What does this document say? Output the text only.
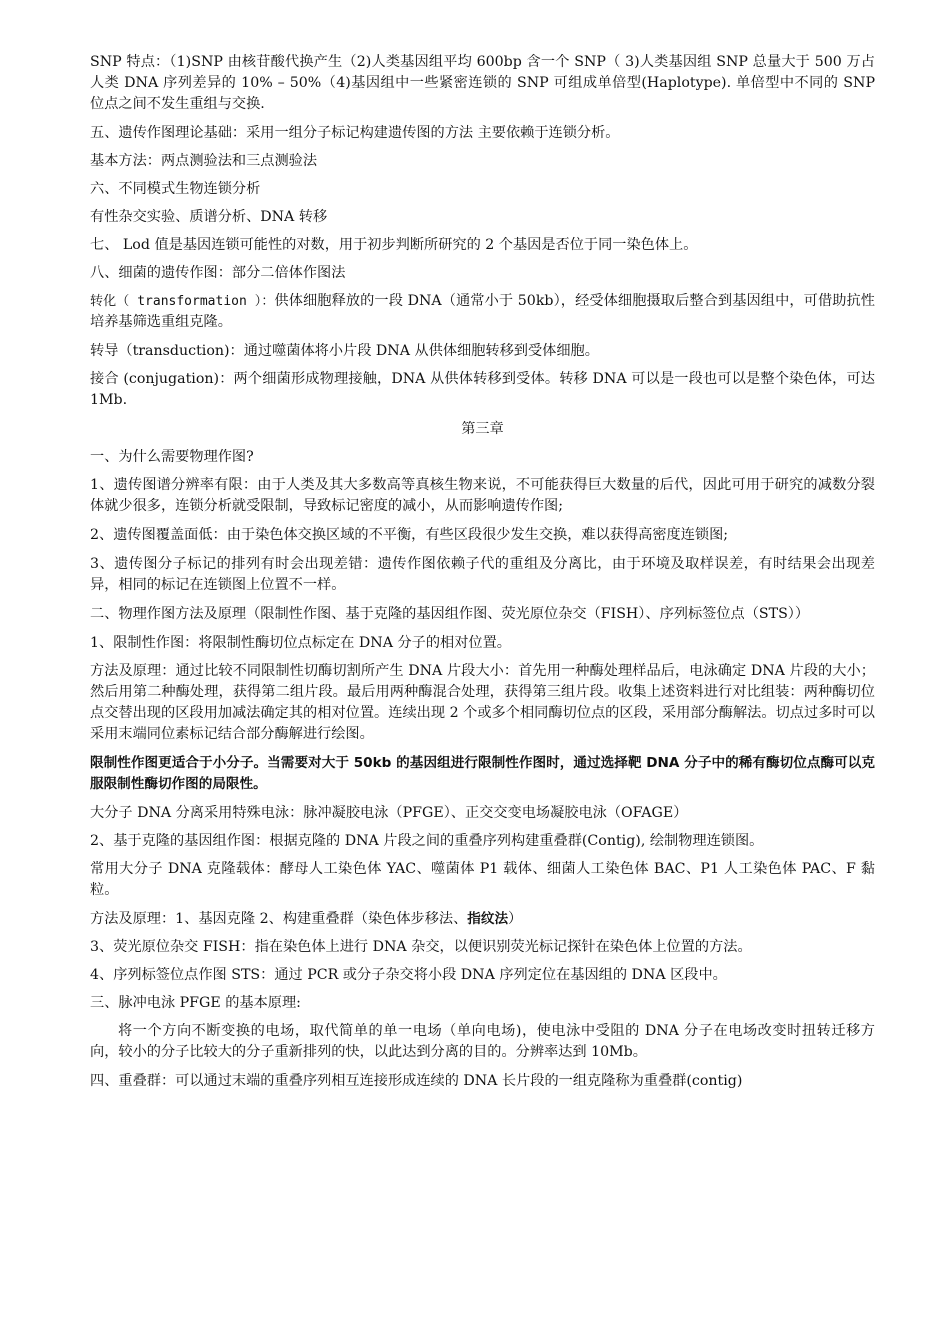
SNP 特点：（1)SNP 由核苷酸代换产生（2)人类基因组平均 600bp 含一个 SNP（ 3)人类基因组 SNP 总量大于 500 万占人类 DNA 序列差异的 10% – 50%（4)基因组中一些紧密连锁的 SNP 可组成单倍型(Haplotype). 单倍型中不同的 SNP 位点之间不发生重组与交换.

五、遗传作图理论基础：采用一组分子标记构建遗传图的方法 主要依赖于连锁分析。

基本方法：两点测验法和三点测验法

六、不同模式生物连锁分析

有性杂交实验、质谱分析、DNA 转移

七、 Lod 值是基因连锁可能性的对数，用于初步判断所研究的 2 个基因是否位于同一染色体上。

八、细菌的遗传作图：部分二倍体作图法

转化（ transformation ）：供体细胞释放的一段 DNA（通常小于 50kb），经受体细胞摄取后整合到基因组中，可借助抗性培养基筛选重组克隆。

转导（transduction)：通过噬菌体将小片段 DNA 从供体细胞转移到受体细胞。

接合 (conjugation)：两个细菌形成物理接触，DNA 从供体转移到受体。转移 DNA 可以是一段也可以是整个染色体，可达 1Mb.

第三章

一、为什么需要物理作图?

1、遗传图谱分辨率有限：由于人类及其大多数高等真核生物来说，不可能获得巨大数量的后代，因此可用于研究的减数分裂体就少很多，连锁分析就受限制，导致标记密度的减小，从而影响遗传作图;

2、遗传图覆盖面低：由于染色体交换区域的不平衡，有些区段很少发生交换，难以获得高密度连锁图;

3、遗传图分子标记的排列有时会出现差错：遗传作图依赖子代的重组及分离比，由于环境及取样误差，有时结果会出现差异，相同的标记在连锁图上位置不一样。

二、物理作图方法及原理（限制性作图、基于克隆的基因组作图、荧光原位杂交（FISH）、序列标签位点（STS））

1、限制性作图：将限制性酶切位点标定在 DNA 分子的相对位置。

方法及原理：通过比较不同限制性切酶切割所产生 DNA 片段大小：首先用一种酶处理样品后，电泳确定 DNA 片段的大小；然后用第二种酶处理，获得第二组片段。最后用两种酶混合处理，获得第三组片段。收集上述资料进行对比组装：两种酶切位点交替出现的区段用加减法确定其的相对位置。连续出现 2 个或多个相同酶切位点的区段，采用部分酶解法。切点过多时可以采用末端同位素标记结合部分酶解进行绘图。

限制性作图更适合于小分子。当需要对大于 50kb 的基因组进行限制性作图时，通过选择靶 DNA 分子中的稀有酶切位点酶可以克服限制性酶切作图的局限性。

大分子 DNA 分离采用特殊电泳：脉冲凝胶电泳（PFGE）、正交交变电场凝胶电泳（OFAGE）

2、基于克隆的基因组作图：根据克隆的 DNA 片段之间的重叠序列构建重叠群(Contig), 绘制物理连锁图。

常用大分子 DNA 克隆载体：酵母人工染色体 YAC、噬菌体 P1 载体、细菌人工染色体 BAC、P1 人工染色体 PAC、F 黏粒。

方法及原理：1、基因克隆 2、构建重叠群（染色体步移法、指纹法）

3、荧光原位杂交 FISH：指在染色体上进行 DNA 杂交，以便识别荧光标记探针在染色体上位置的方法。

4、序列标签位点作图 STS：通过 PCR 或分子杂交将小段 DNA 序列定位在基因组的 DNA 区段中。

三、脉冲电泳 PFGE 的基本原理:

将一个方向不断变换的电场，取代简单的单一电场（单向电场)，使电泳中受阻的 DNA 分子在电场改变时扭转迁移方向，较小的分子比较大的分子重新排列的快，以此达到分离的目的。分辨率达到 10Mb。

四、重叠群：可以通过末端的重叠序列相互连接形成连续的 DNA 长片段的一组克隆称为重叠群(contig)
